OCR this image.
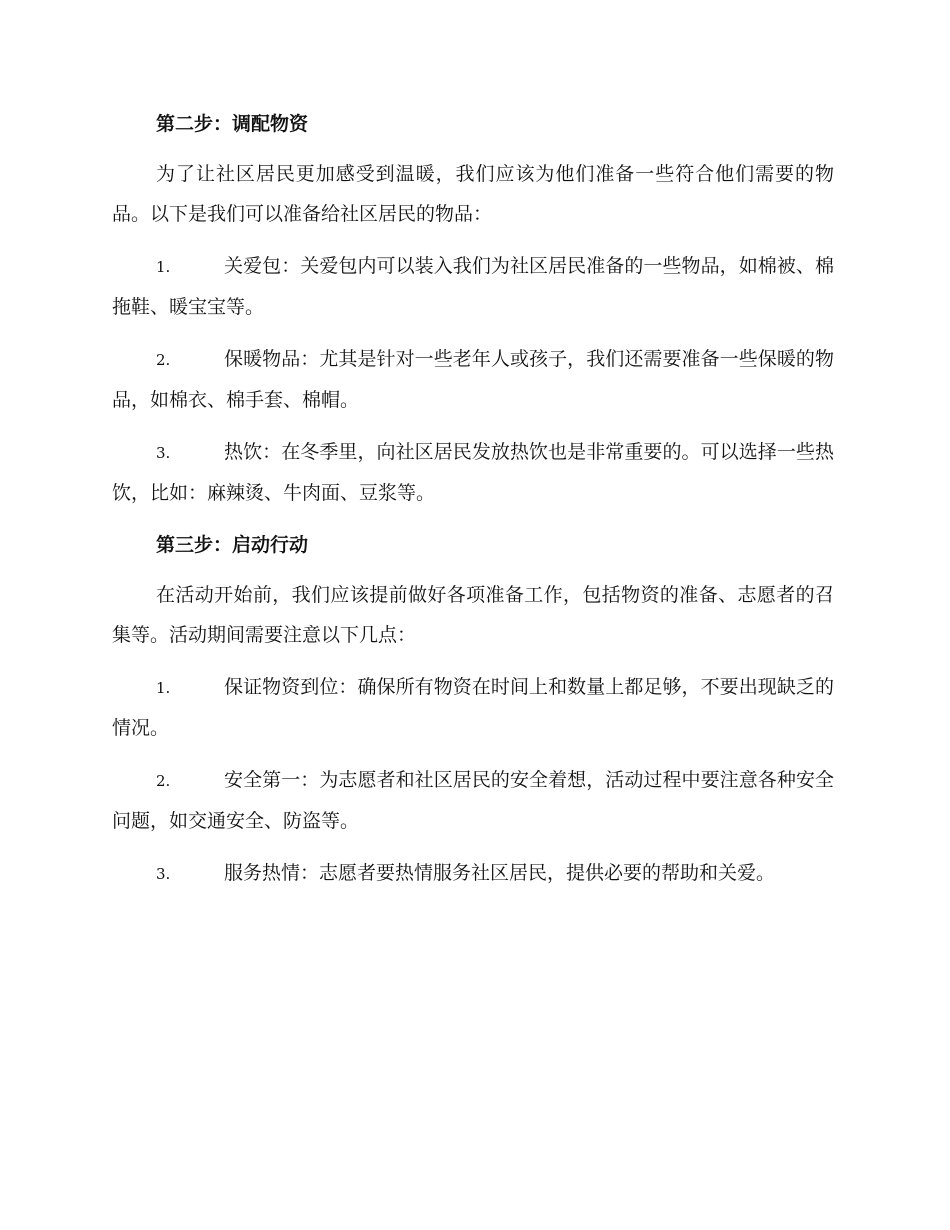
第二步：调配物资
为了让社区居民更加感受到温暖，我们应该为他们准备一些符合他们需要的物品。以下是我们可以准备给社区居民的物品：
1.	关爱包：关爱包内可以装入我们为社区居民准备的一些物品，如棉被、棉拖鞋、暖宝宝等。
2.	保暖物品：尤其是针对一些老年人或孩子，我们还需要准备一些保暖的物品，如棉衣、棉手套、棉帽。
3.	热饮：在冬季里，向社区居民发放热饮也是非常重要的。可以选择一些热饮，比如：麻辣烫、牛肉面、豆浆等。
第三步：启动行动
在活动开始前，我们应该提前做好各项准备工作，包括物资的准备、志愿者的召集等。活动期间需要注意以下几点：
1.	保证物资到位：确保所有物资在时间上和数量上都足够，不要出现缺乏的情况。
2.	安全第一：为志愿者和社区居民的安全着想，活动过程中要注意各种安全问题，如交通安全、防盗等。
3.	服务热情：志愿者要热情服务社区居民，提供必要的帮助和关爱。
